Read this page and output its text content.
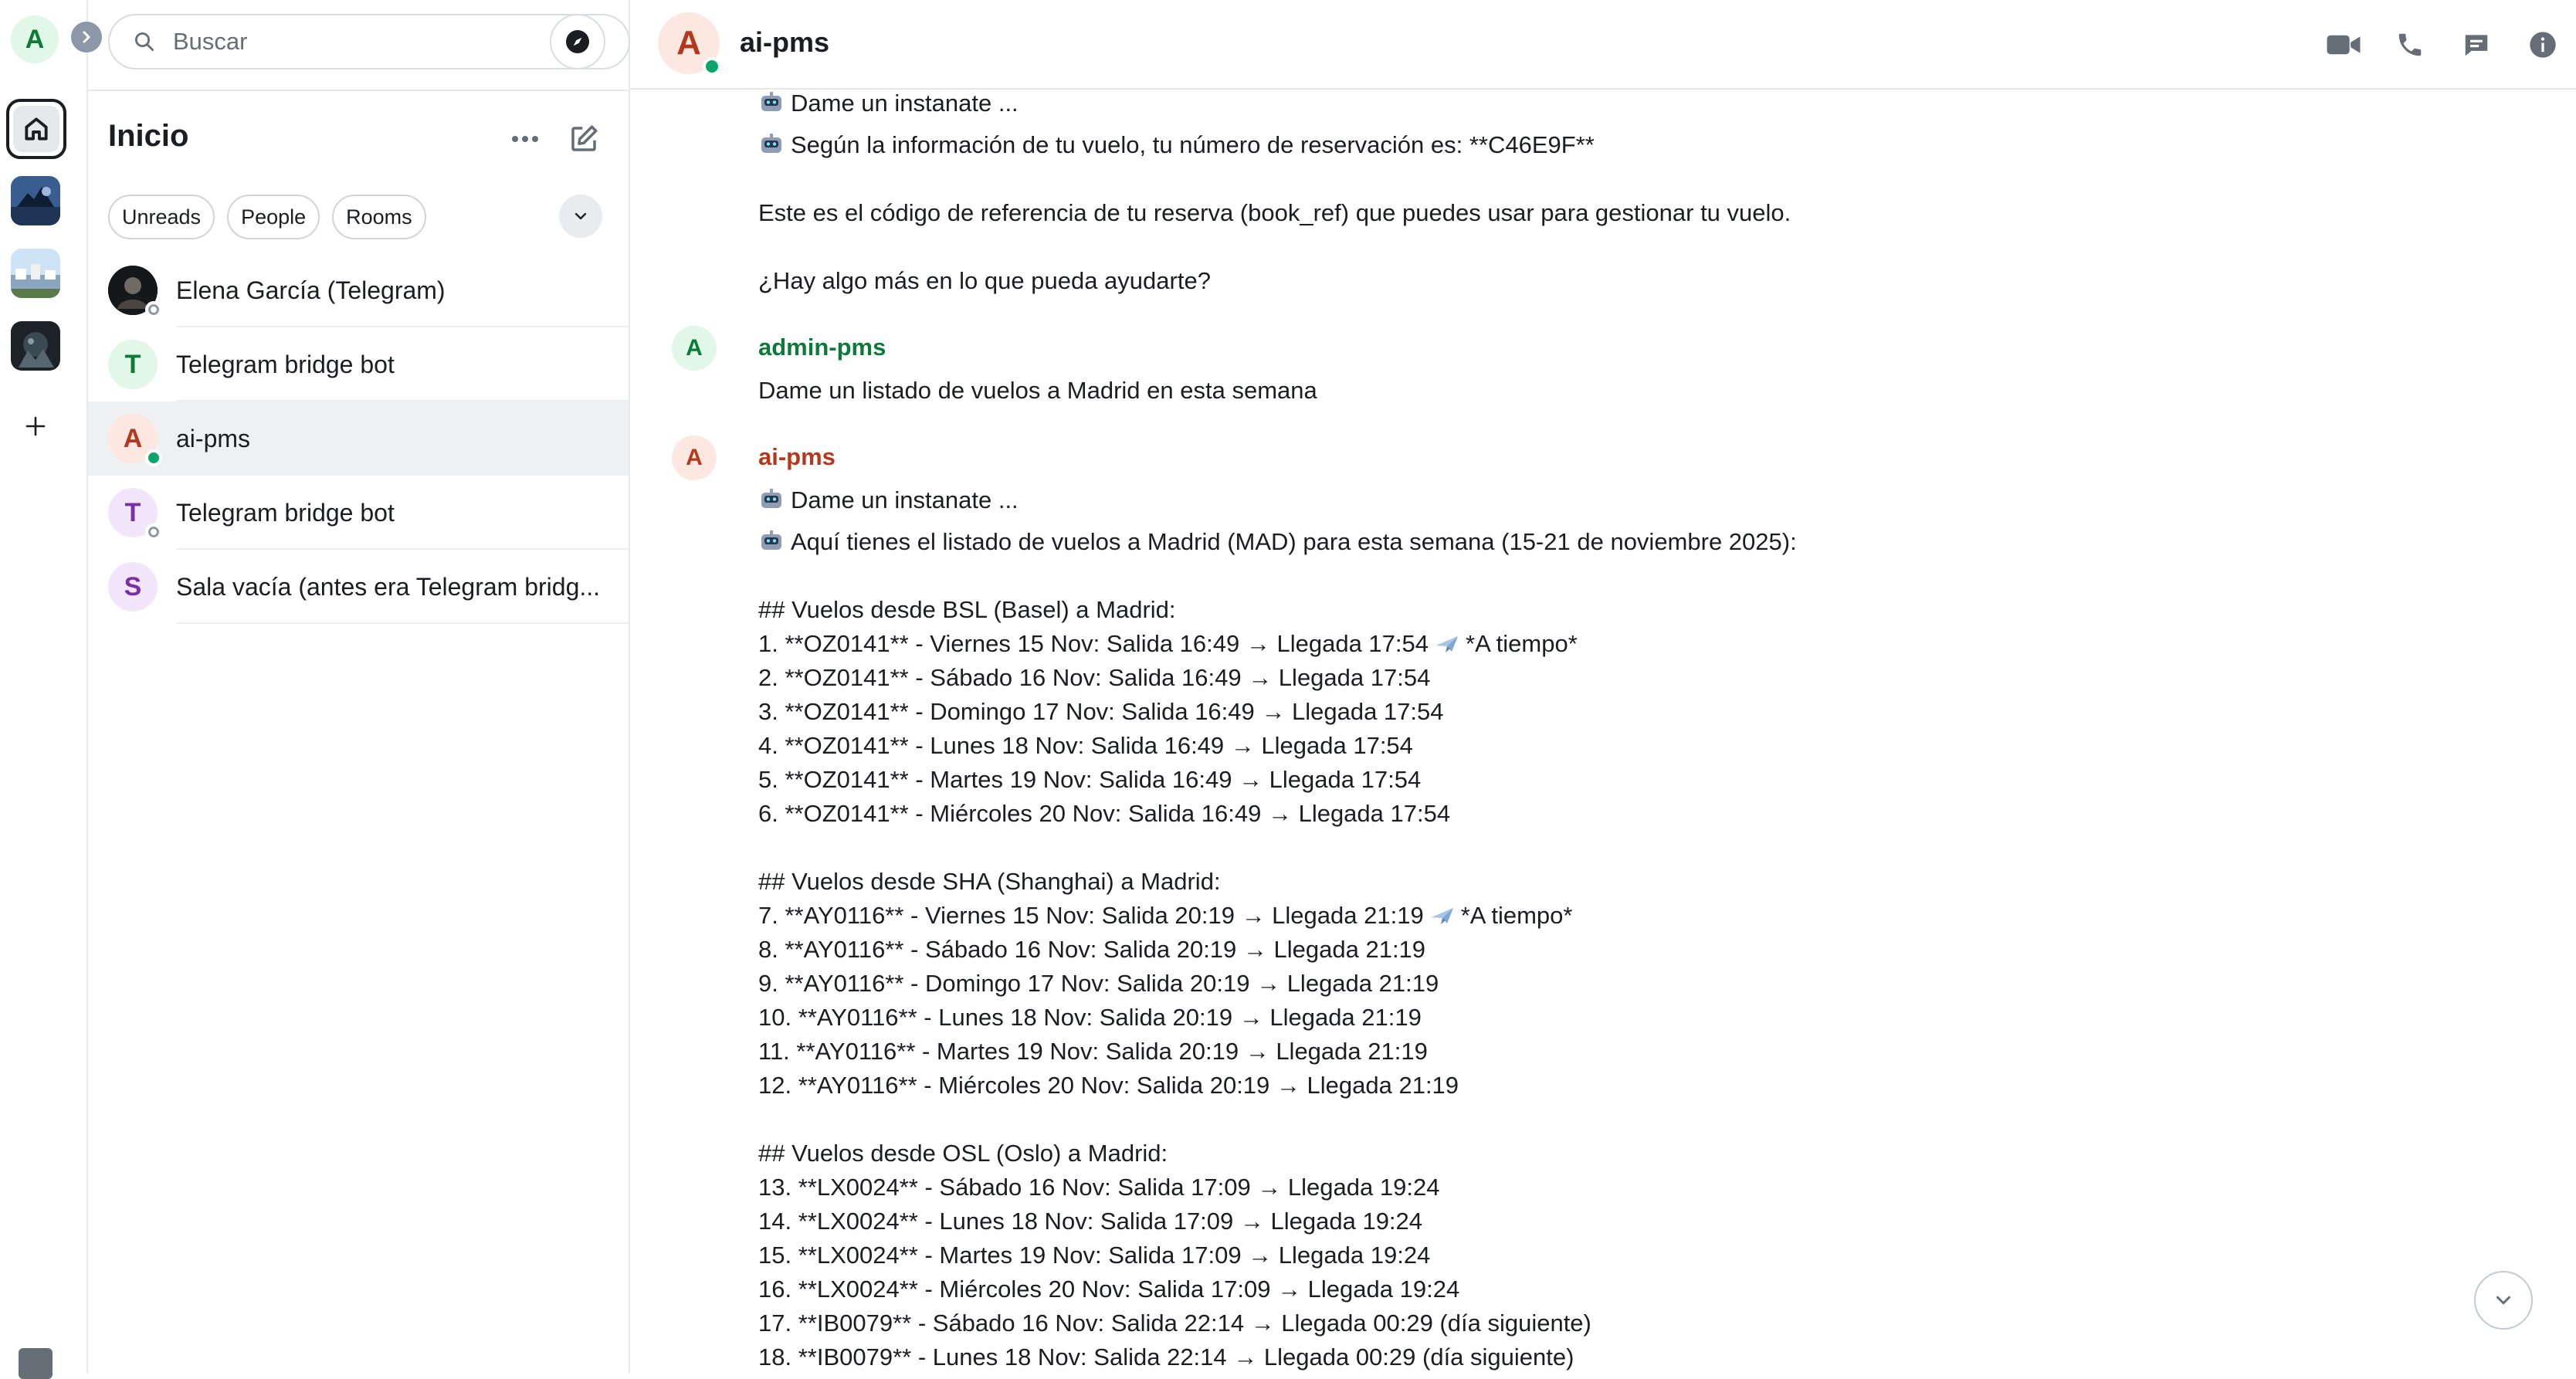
A	Buscar
Inicio
Unreads	People	Rooms
Elena García (Telegram)
T	Telegram bridge bot
A ai-pms
T Telegram bridge bot
S	Sala vacía (antes era Telegram bridg...
A ai-pms
Dame un instanate ...
Según la información de tu vuelo, tu número de reservación es: **C46E9F**
Este es el código de referencia de tu reserva (book_ref) que puedes usar para gestionar tu vuelo.
¿Hay algo más en lo que pueda ayudarte?
A	admin-pms
Dame un listado de vuelos a Madrid en esta semana
A	ai-pms
Dame un instanate ...
Aquí tienes el listado de vuelos a Madrid (MAD) para esta semana (15-21 de noviembre 2025):
## Vuelos desde BSL (Basel) a Madrid:
1. **OZ0141** - Viernes 15 Nov: Salida 16:49 → Llegada 17:54 *A tiempo*
2. **OZ0141** - Sábado 16 Nov: Salida 16:49 → Llegada 17:54
3. **OZ0141** - Domingo 17 Nov: Salida 16:49 → Llegada 17:54
4. **OZ0141** - Lunes 18 Nov: Salida 16:49 → Llegada 17:54
5. **OZ0141** - Martes 19 Nov: Salida 16:49 → Llegada 17:54
6. **OZ0141** - Miércoles 20 Nov: Salida 16:49 → Llegada 17:54
## Vuelos desde SHA (Shanghai) a Madrid:
7. **AY0116** - Viernes 15 Nov: Salida 20:19 → Llegada 21:19 *A tiempo*
8. **AY0116** - Sábado 16 Nov: Salida 20:19 → Llegada 21:19
9. **AY0116** - Domingo 17 Nov: Salida 20:19 → Llegada 21:19
10. **AY0116** - Lunes 18 Nov: Salida 20:19 → Llegada 21:19
11. **AY0116** - Martes 19 Nov: Salida 20:19 → Llegada 21:19
12. **AY0116** - Miércoles 20 Nov: Salida 20:19 → Llegada 21:19
## Vuelos desde OSL (Oslo) a Madrid:
13. **LX0024** - Sábado 16 Nov: Salida 17:09 → Llegada 19:24
14. **LX0024** - Lunes 18 Nov: Salida 17:09 → Llegada 19:24
15. **LX0024** - Martes 19 Nov: Salida 17:09 → Llegada 19:24
16. **LX0024** - Miércoles 20 Nov: Salida 17:09 → Llegada 19:24
17. **IB0079** - Sábado 16 Nov: Salida 22:14 → Llegada 00:29 (día siguiente)
18. **IB0079** - Lunes 18 Nov: Salida 22:14 → Llegada 00:29 (día siguiente)
